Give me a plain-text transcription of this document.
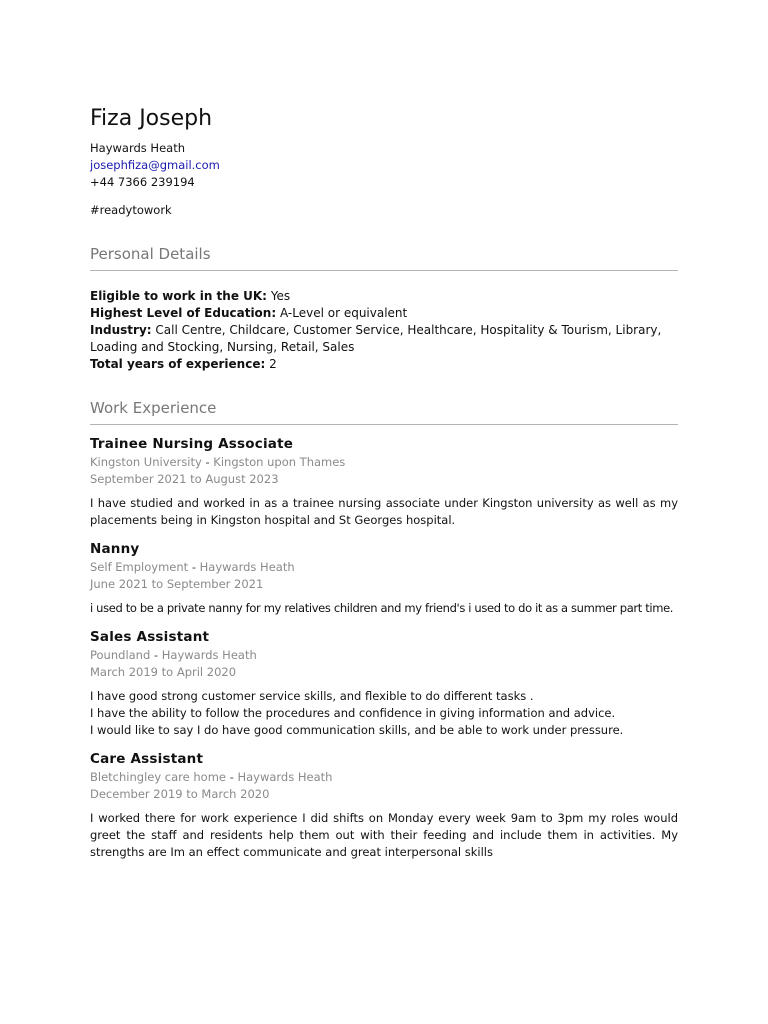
Fiza Joseph
Haywards Heath
josephfiza@gmail.com
+44 7366 239194
#readytowork
Personal Details
Eligible to work in the UK: Yes
Highest Level of Education: A-Level or equivalent
Industry: Call Centre, Childcare, Customer Service, Healthcare, Hospitality & Tourism, Library, Loading and Stocking, Nursing, Retail, Sales
Total years of experience: 2
Work Experience
Trainee Nursing Associate
Kingston University - Kingston upon Thames
September 2021 to August 2023
I have studied and worked in as a trainee nursing associate under Kingston university as well as my placements being in Kingston hospital and St Georges hospital.
Nanny
Self Employment - Haywards Heath
June 2021 to September 2021
i used to be a private nanny for my relatives children and my friend's i used to do it as a summer part time.
Sales Assistant
Poundland - Haywards Heath
March 2019 to April 2020
I have good strong customer service skills, and flexible to do different tasks .
I have the ability to follow the procedures and confidence in giving information and advice.
I would like to say I do have good communication skills, and be able to work under pressure.
Care Assistant
Bletchingley care home - Haywards Heath
December 2019 to March 2020
I worked there for work experience I did shifts on Monday every week 9am to 3pm my roles would greet the staff and residents help them out with their feeding and include them in activities. My strengths are Im an effect communicate and great interpersonal skills
